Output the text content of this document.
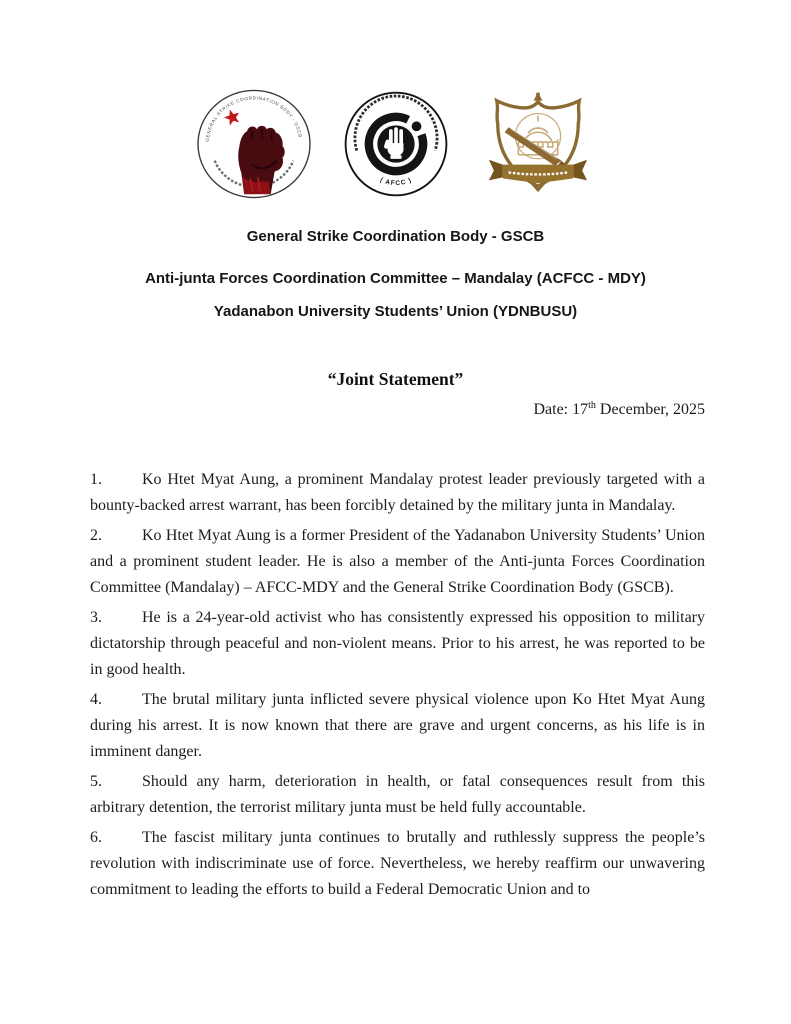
GENERAL STRIKE COORDINATION BODY - GSCB
( AFCC )

General Strike Coordination Body - GSCB

Anti-junta Forces Coordination Committee – Mandalay (ACFCC - MDY)

Yadanabon University Students’ Union (YDNBUSU)

“Joint Statement”
Date: 17th December, 2025

1.	Ko Htet Myat Aung, a prominent Mandalay protest leader previously targeted with a bounty-backed arrest warrant, has been forcibly detained by the military junta in Mandalay.

2.	Ko Htet Myat Aung is a former President of the Yadanabon University Students’ Union and a prominent student leader. He is also a member of the Anti-junta Forces Coordination Committee (Mandalay) – AFCC-MDY and the General Strike Coordination Body (GSCB).

3.	He is a 24-year-old activist who has consistently expressed his opposition to military dictatorship through peaceful and non-violent means. Prior to his arrest, he was reported to be in good health.

4.	The brutal military junta inflicted severe physical violence upon Ko Htet Myat Aung during his arrest. It is now known that there are grave and urgent concerns, as his life is in imminent danger.

5.	Should any harm, deterioration in health, or fatal consequences result from this arbitrary detention, the terrorist military junta must be held fully accountable.

6.	The fascist military junta continues to brutally and ruthlessly suppress the people’s revolution with indiscriminate use of force. Nevertheless, we hereby reaffirm our unwavering commitment to leading the efforts to build a Federal Democratic Union and to
